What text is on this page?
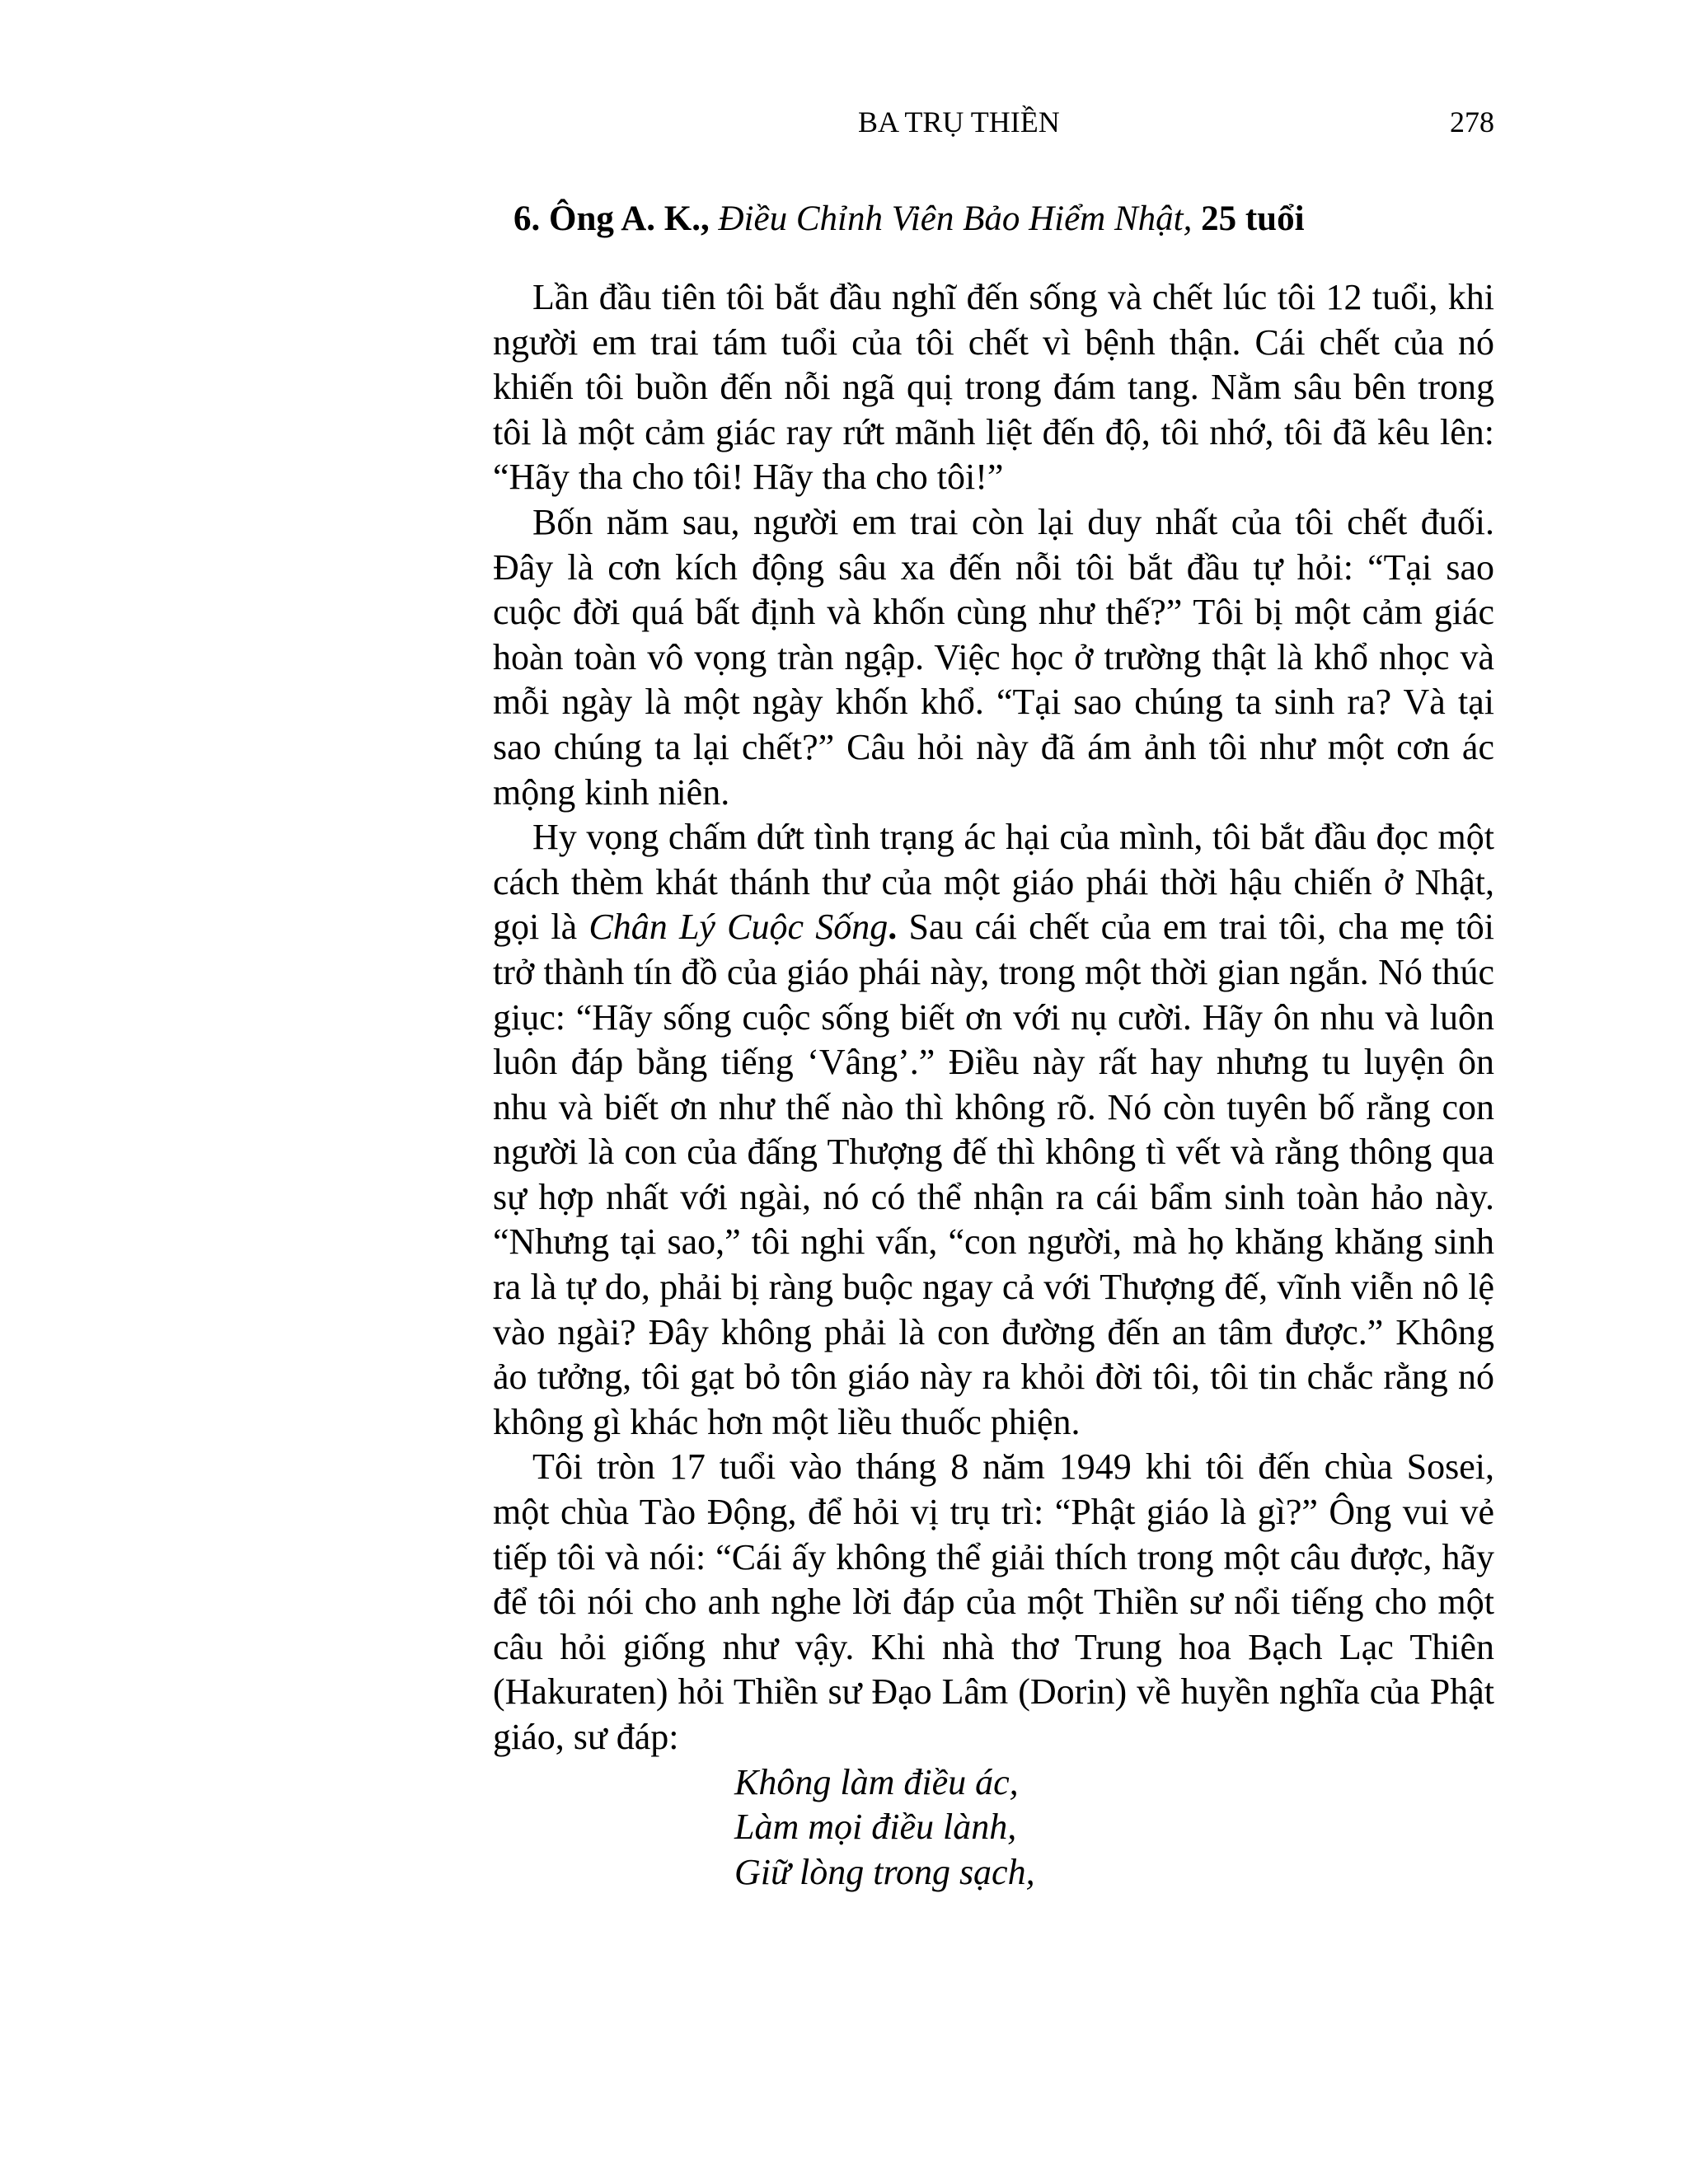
BA TRỤ THIỀN	278
6. Ông A. K., Điều Chỉnh Viên Bảo Hiểm Nhật, 25 tuổi

Lần đầu tiên tôi bắt đầu nghĩ đến sống và chết lúc tôi 12 tuổi, khi người em trai tám tuổi của tôi chết vì bệnh thận. Cái chết của nó khiến tôi buồn đến nỗi ngã quị trong đám tang. Nằm sâu bên trong tôi là một cảm giác ray rứt mãnh liệt đến độ, tôi nhớ, tôi đã kêu lên: “Hãy tha cho tôi! Hãy tha cho tôi!”

Bốn năm sau, người em trai còn lại duy nhất của tôi chết đuối. Đây là cơn kích động sâu xa đến nỗi tôi bắt đầu tự hỏi: “Tại sao cuộc đời quá bất định và khốn cùng như thế?” Tôi bị một cảm giác hoàn toàn vô vọng tràn ngập. Việc học ở trường thật là khổ nhọc và mỗi ngày là một ngày khốn khổ. “Tại sao chúng ta sinh ra? Và tại sao chúng ta lại chết?” Câu hỏi này đã ám ảnh tôi như một cơn ác mộng kinh niên.

Hy vọng chấm dứt tình trạng ác hại của mình, tôi bắt đầu đọc một cách thèm khát thánh thư của một giáo phái thời hậu chiến ở Nhật, gọi là Chân Lý Cuộc Sống. Sau cái chết của em trai tôi, cha mẹ tôi trở thành tín đồ của giáo phái này, trong một thời gian ngắn. Nó thúc giục: “Hãy sống cuộc sống biết ơn với nụ cười. Hãy ôn nhu và luôn luôn đáp bằng tiếng ‘Vâng’.” Điều này rất hay nhưng tu luyện ôn nhu và biết ơn như thế nào thì không rõ. Nó còn tuyên bố rằng con người là con của đấng Thượng đế thì không tì vết và rằng thông qua sự hợp nhất với ngài, nó có thể nhận ra cái bẩm sinh toàn hảo này. “Nhưng tại sao,” tôi nghi vấn, “con người, mà họ khăng khăng sinh ra là tự do, phải bị ràng buộc ngay cả với Thượng đế, vĩnh viễn nô lệ vào ngài? Đây không phải là con đường đến an tâm được.” Không ảo tưởng, tôi gạt bỏ tôn giáo này ra khỏi đời tôi, tôi tin chắc rằng nó không gì khác hơn một liều thuốc phiện.

Tôi tròn 17 tuổi vào tháng 8 năm 1949 khi tôi đến chùa Sosei, một chùa Tào Động, để hỏi vị trụ trì: “Phật giáo là gì?” Ông vui vẻ tiếp tôi và nói: “Cái ấy không thể giải thích trong một câu được, hãy để tôi nói cho anh nghe lời đáp của một Thiền sư nổi tiếng cho một câu hỏi giống như vậy. Khi nhà thơ Trung hoa Bạch Lạc Thiên (Hakuraten) hỏi Thiền sư Đạo Lâm (Dorin) về huyền nghĩa của Phật giáo, sư đáp:

Không làm điều ác,
Làm mọi điều lành,
Giữ lòng trong sạch,
